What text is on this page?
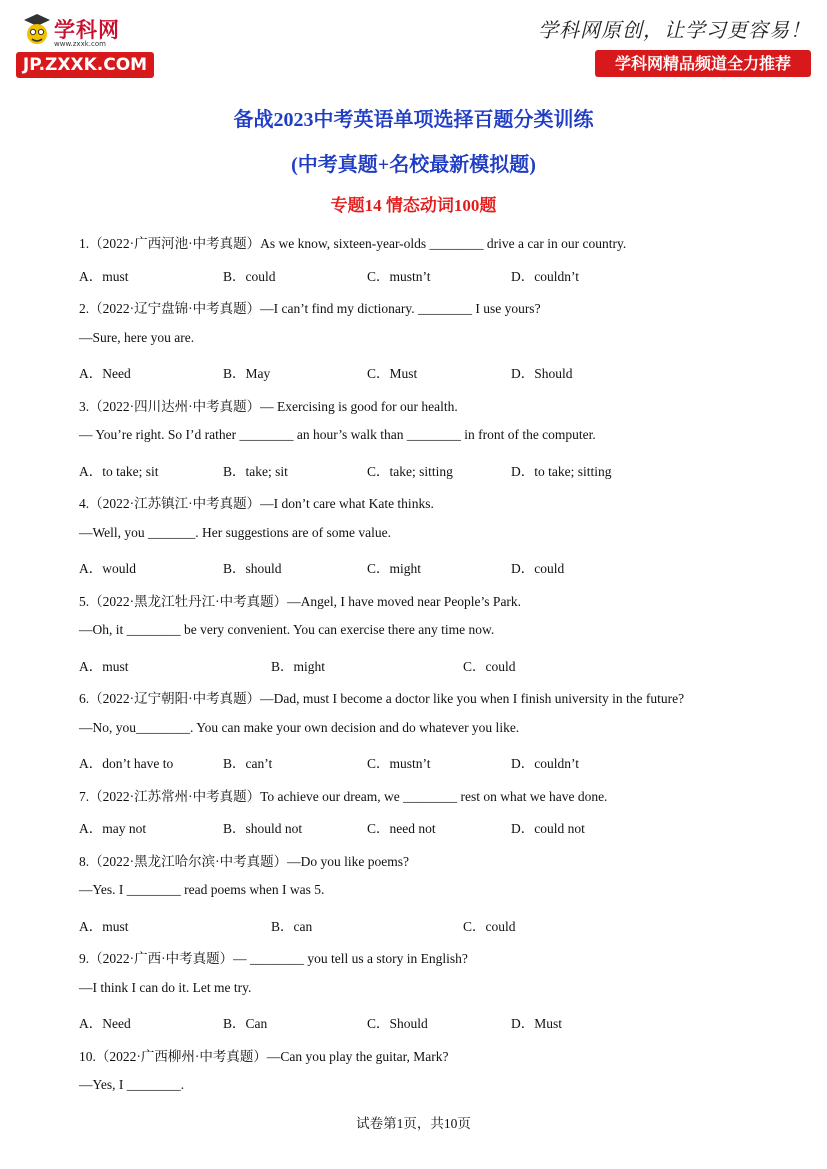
学科网
www.zxxk.com
JP.ZXXK.COM
学科网原创，让学习更容易！
学科网精品频道全力推荐
备战2023中考英语单项选择百题分类训练
(中考真题+名校最新模拟题)
专题14 情态动词100题
1.（2022·广西河池·中考真题）As we know, sixteen-year-olds ________ drive a car in our country.
A．must	B．could	C．mustn’t	D．couldn’t
2.（2022·辽宁盘锦·中考真题）—I can’t find my dictionary. ________ I use yours?
—Sure, here you are.
A．Need	B．May	C．Must	D．Should
3.（2022·四川达州·中考真题）— Exercising is good for our health.
— You’re right. So I’d rather ________ an hour’s walk than ________ in front of the computer.
A．to take; sit	B．take; sit	C．take; sitting	D．to take; sitting
4.（2022·江苏镇江·中考真题）—I don’t care what Kate thinks.
—Well, you _______. Her suggestions are of some value.
A．would	B．should	C．might	D．could
5.（2022·黑龙江牡丹江·中考真题）—Angel, I have moved near People’s Park.
—Oh, it ________ be very convenient. You can exercise there any time now.
A．must	B．might	C．could
6.（2022·辽宁朝阳·中考真题）—Dad, must I become a doctor like you when I finish university in the future?
—No, you________. You can make your own decision and do whatever you like.
A．don’t have to	B．can’t	C．mustn’t	D．couldn’t
7.（2022·江苏常州·中考真题）To achieve our dream, we ________ rest on what we have done.
A．may not	B．should not	C．need not	D．could not
8.（2022·黑龙江哈尔滨·中考真题）—Do you like poems?
—Yes. I ________ read poems when I was 5.
A．must	B．can	C．could
9.（2022·广西·中考真题）— ________ you tell us a story in English?
—I think I can do it. Let me try.
A．Need	B．Can	C．Should	D．Must
10.（2022·广西柳州·中考真题）—Can you play the guitar, Mark?
—Yes, I ________.
试卷第1页，共10页
